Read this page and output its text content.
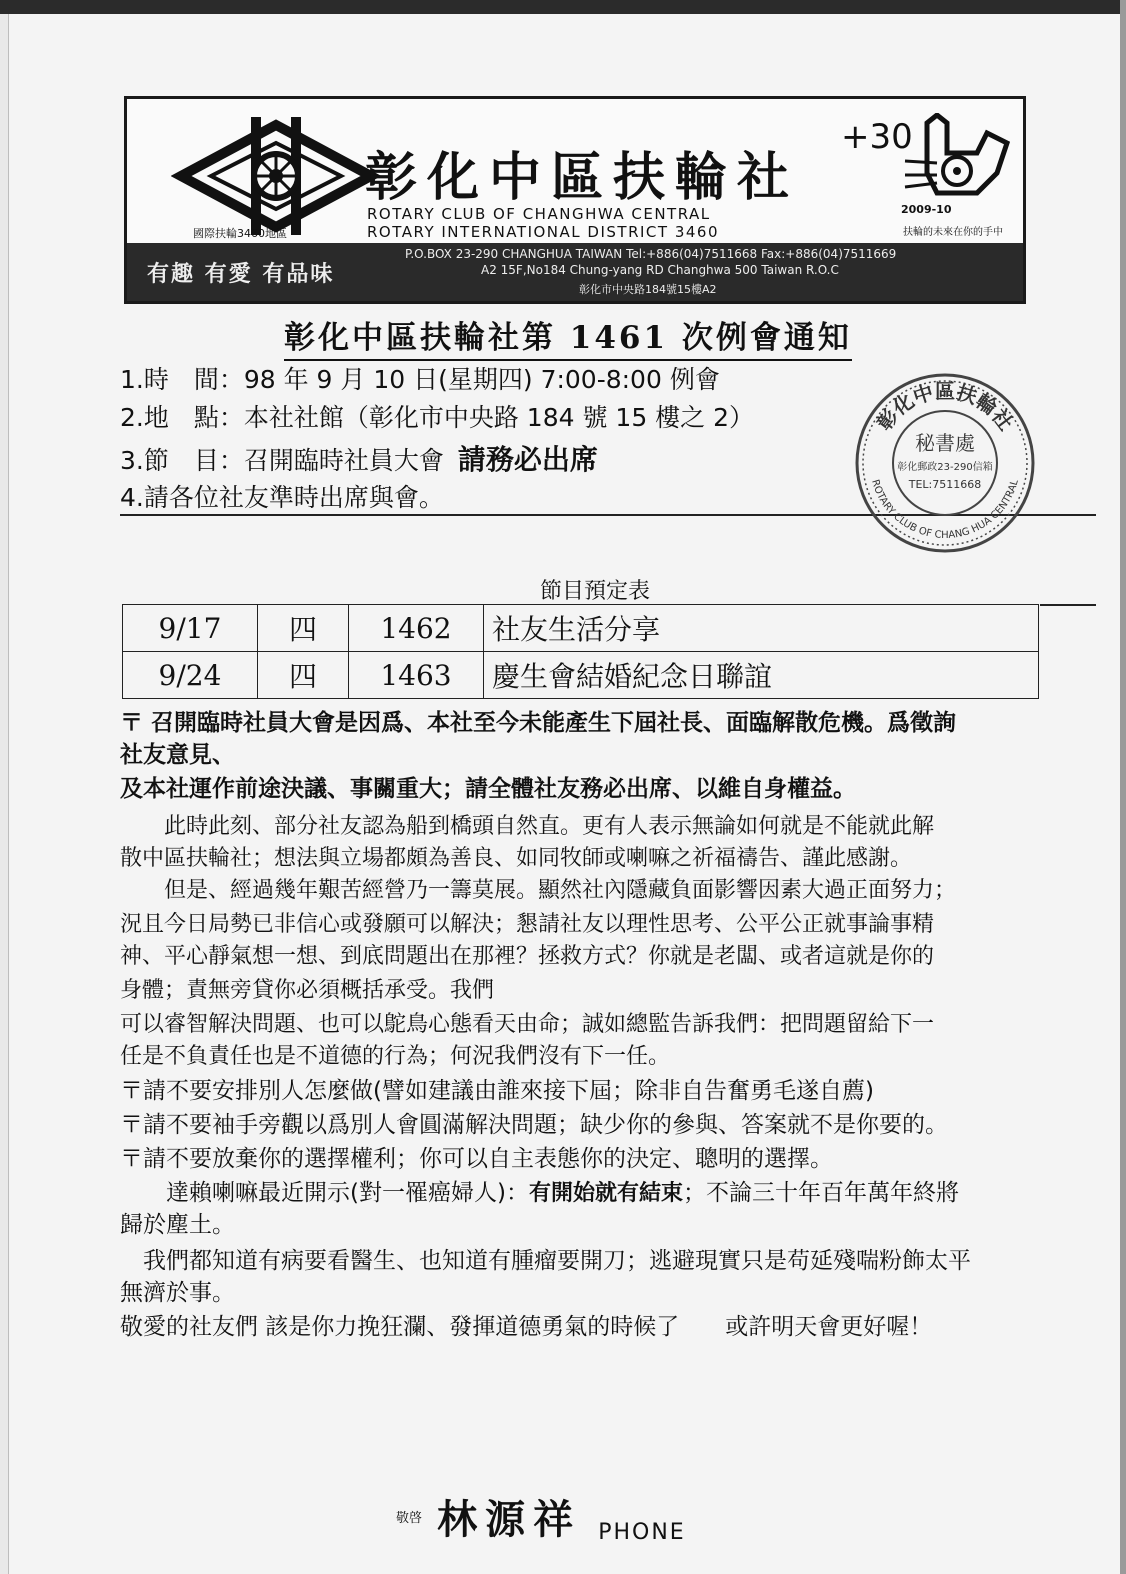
國際扶輪3460地區
彰化中區扶輪社
+30
ROTARY CLUB OF CHANGHWA CENTRAL
ROTARY INTERNATIONAL DISTRICT 3460
2009-10
扶輪的未來在你的手中
有趣 有愛 有品味
P.O.BOX 23-290 CHANGHUA TAIWAN Tel:+886(04)7511668 Fax:+886(04)7511669
A2 15F,No184 Chung-yang RD Changhwa 500 Taiwan R.O.C
彰化市中央路184號15樓A2
彰化中區扶輪社第 1461 次例會通知
1.時　間：98 年 9 月 10 日(星期四) 7:00-8:00 例會
2.地　點：本社社館（彰化市中央路 184 號 15 樓之 2）
3.節　目：召開臨時社員大會 請務必出席
4.請各位社友準時出席與會。
彰化中區扶輪社
ROTARY CLUB OF CHANG HUA CENTRAL
秘書處
彰化郵政23-290信箱
TEL:7511668
節目預定表
9/17	四	1462	社友生活分享
9/24	四	1463	慶生會結婚紀念日聯誼
〒 召開臨時社員大會是因爲、本社至今未能產生下屆社長、面臨解散危機。爲徵詢
社友意見、
及本社運作前途決議、事關重大；請全體社友務必出席、以維自身權益。
　　此時此刻、部分社友認為船到橋頭自然直。更有人表示無論如何就是不能就此解
散中區扶輪社；想法與立場都頗為善良、如同牧師或喇嘛之祈福禱告、謹此感謝。
　　但是、經過幾年艱苦經營乃一籌莫展。顯然社內隱藏負面影響因素大過正面努力；
況且今日局勢已非信心或發願可以解決；懇請社友以理性思考、公平公正就事論事精
神、平心靜氣想一想、到底問題出在那裡？拯救方式？你就是老闆、或者這就是你的
身體；責無旁貸你必須概括承受。我們
可以睿智解決問題、也可以鴕鳥心態看天由命；誠如總監告訴我們：把問題留給下一
任是不負責任也是不道德的行為；何況我們沒有下一任。
〒請不要安排別人怎麼做(譬如建議由誰來接下屆；除非自告奮勇毛遂自薦)
〒請不要袖手旁觀以爲別人會圓滿解決問題；缺少你的參與、答案就不是你要的。
〒請不要放棄你的選擇權利；你可以自主表態你的決定、聰明的選擇。
　　達賴喇嘛最近開示(對一罹癌婦人)：有開始就有結束；不論三十年百年萬年終將
歸於塵土。
　我們都知道有病要看醫生、也知道有腫瘤要開刀；逃避現實只是苟延殘喘粉飾太平
無濟於事。
敬愛的社友們 該是你力挽狂瀾、發揮道德勇氣的時候了　　或許明天會更好喔！
敬啓 林源祥 PHONE
